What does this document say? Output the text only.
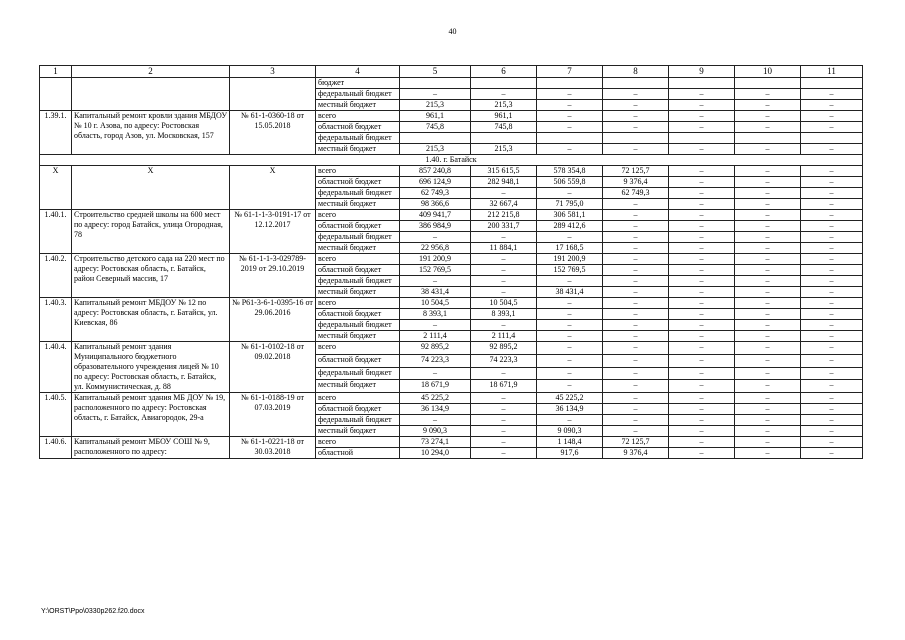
40
1	2	3	4	5	6	7	8	9	10	11
			бюджет							
			федеральный бюджет	–	–	–	–	–	–	–
			местный бюджет	215,3	215,3	–	–	–	–	–
1.39.1.	Капитальный ремонт кровли здания МБДОУ № 10 г. Азова, по адресу: Ростовская область, город Азов, ул. Московская, 157	№ 61-1-0360-18 от 15.05.2018	всего	961,1	961,1	–	–	–	–	–
			областной бюджет	745,8	745,8	–	–	–	–	–
			федеральный бюджет							
			местный бюджет	215,3	215,3	–	–	–	–	–
1.40. г. Батайск										
Х	Х	Х	всего	857 240,8	315 615,5	578 354,8	72 125,7	–	–	–
			областной бюджет	696 124,9	282 948,1	506 559,8	9 376,4	–	–	–
			федеральный бюджет	62 749,3	–	–	62 749,3	–	–	–
			местный бюджет	98 366,6	32 667,4	71 795,0	–	–	–	–
1.40.1.	Строительство средней школы на 600 мест по адресу: город Батайск, улица Огородная, 78	№ 61-1-1-3-0191-17 от 12.12.2017	всего	409 941,7	212 215,8	306 581,1	–	–	–	–
			областной бюджет	386 984,9	200 331,7	289 412,6	–	–	–	–
			федеральный бюджет	–	–	–	–	–	–	–
			местный бюджет	22 956,8	11 884,1	17 168,5	–	–	–	–
1.40.2.	Строительство детского сада на 220 мест по адресу: Ростовская область, г. Батайск, район Северный массив, 17	№ 61-1-1-3-029789-2019 от 29.10.2019	всего	191 200,9	–	191 200,9	–	–	–	–
			областной бюджет	152 769,5	–	152 769,5	–	–	–	–
			федеральный бюджет	–	–	–	–	–	–	–
			местный бюджет	38 431,4	–	38 431,4	–	–	–	–
1.40.3.	Капитальный ремонт МБДОУ № 12 по адресу: Ростовская область, г. Батайск, ул. Киевская, 86	№ Р61-3-6-1-0395-16 от 29.06.2016	всего	10 504,5	10 504,5	–	–	–	–	–
			областной бюджет	8 393,1	8 393,1	–	–	–	–	–
			федеральный бюджет	–	–	–	–	–	–	–
			местный бюджет	2 111,4	2 111,4	–	–	–	–	–
1.40.4.	Капитальный ремонт здания Муниципального бюджетного образовательного учреждения лицей № 10 по адресу: Ростовская область, г. Батайск, ул. Коммунистическая, д. 88	№ 61-1-0102-18 от 09.02.2018	всего	92 895,2	92 895,2	–	–	–	–	–
			областной бюджет	74 223,3	74 223,3	–	–	–	–	–
			федеральный бюджет	–	–	–	–	–	–	–
			местный бюджет	18 671,9	18 671,9	–	–	–	–	–
1.40.5.	Капитальный ремонт здания МБ ДОУ № 19, расположенного по адресу: Ростовская область, г. Батайск, Авиагородок, 29-а	№ 61-1-0188-19 от 07.03.2019	всего	45 225,2	–	45 225,2	–	–	–	–
			областной бюджет	36 134,9	–	36 134,9	–	–	–	–
			федеральный бюджет	–	–	–	–	–	–	–
			местный бюджет	9 090,3	–	9 090,3	–	–	–	–
1.40.6.	Капитальный ремонт МБОУ СОШ № 9, расположенного по адресу:	№ 61-1-0221-18 от 30.03.2018	всего	73 274,1	–	1 148,4	72 125,7	–	–	–
			областной	10 294,0	–	917,6	9 376,4	–	–	–
Y:\ORST\Ppo\0330p262.f20.docx
